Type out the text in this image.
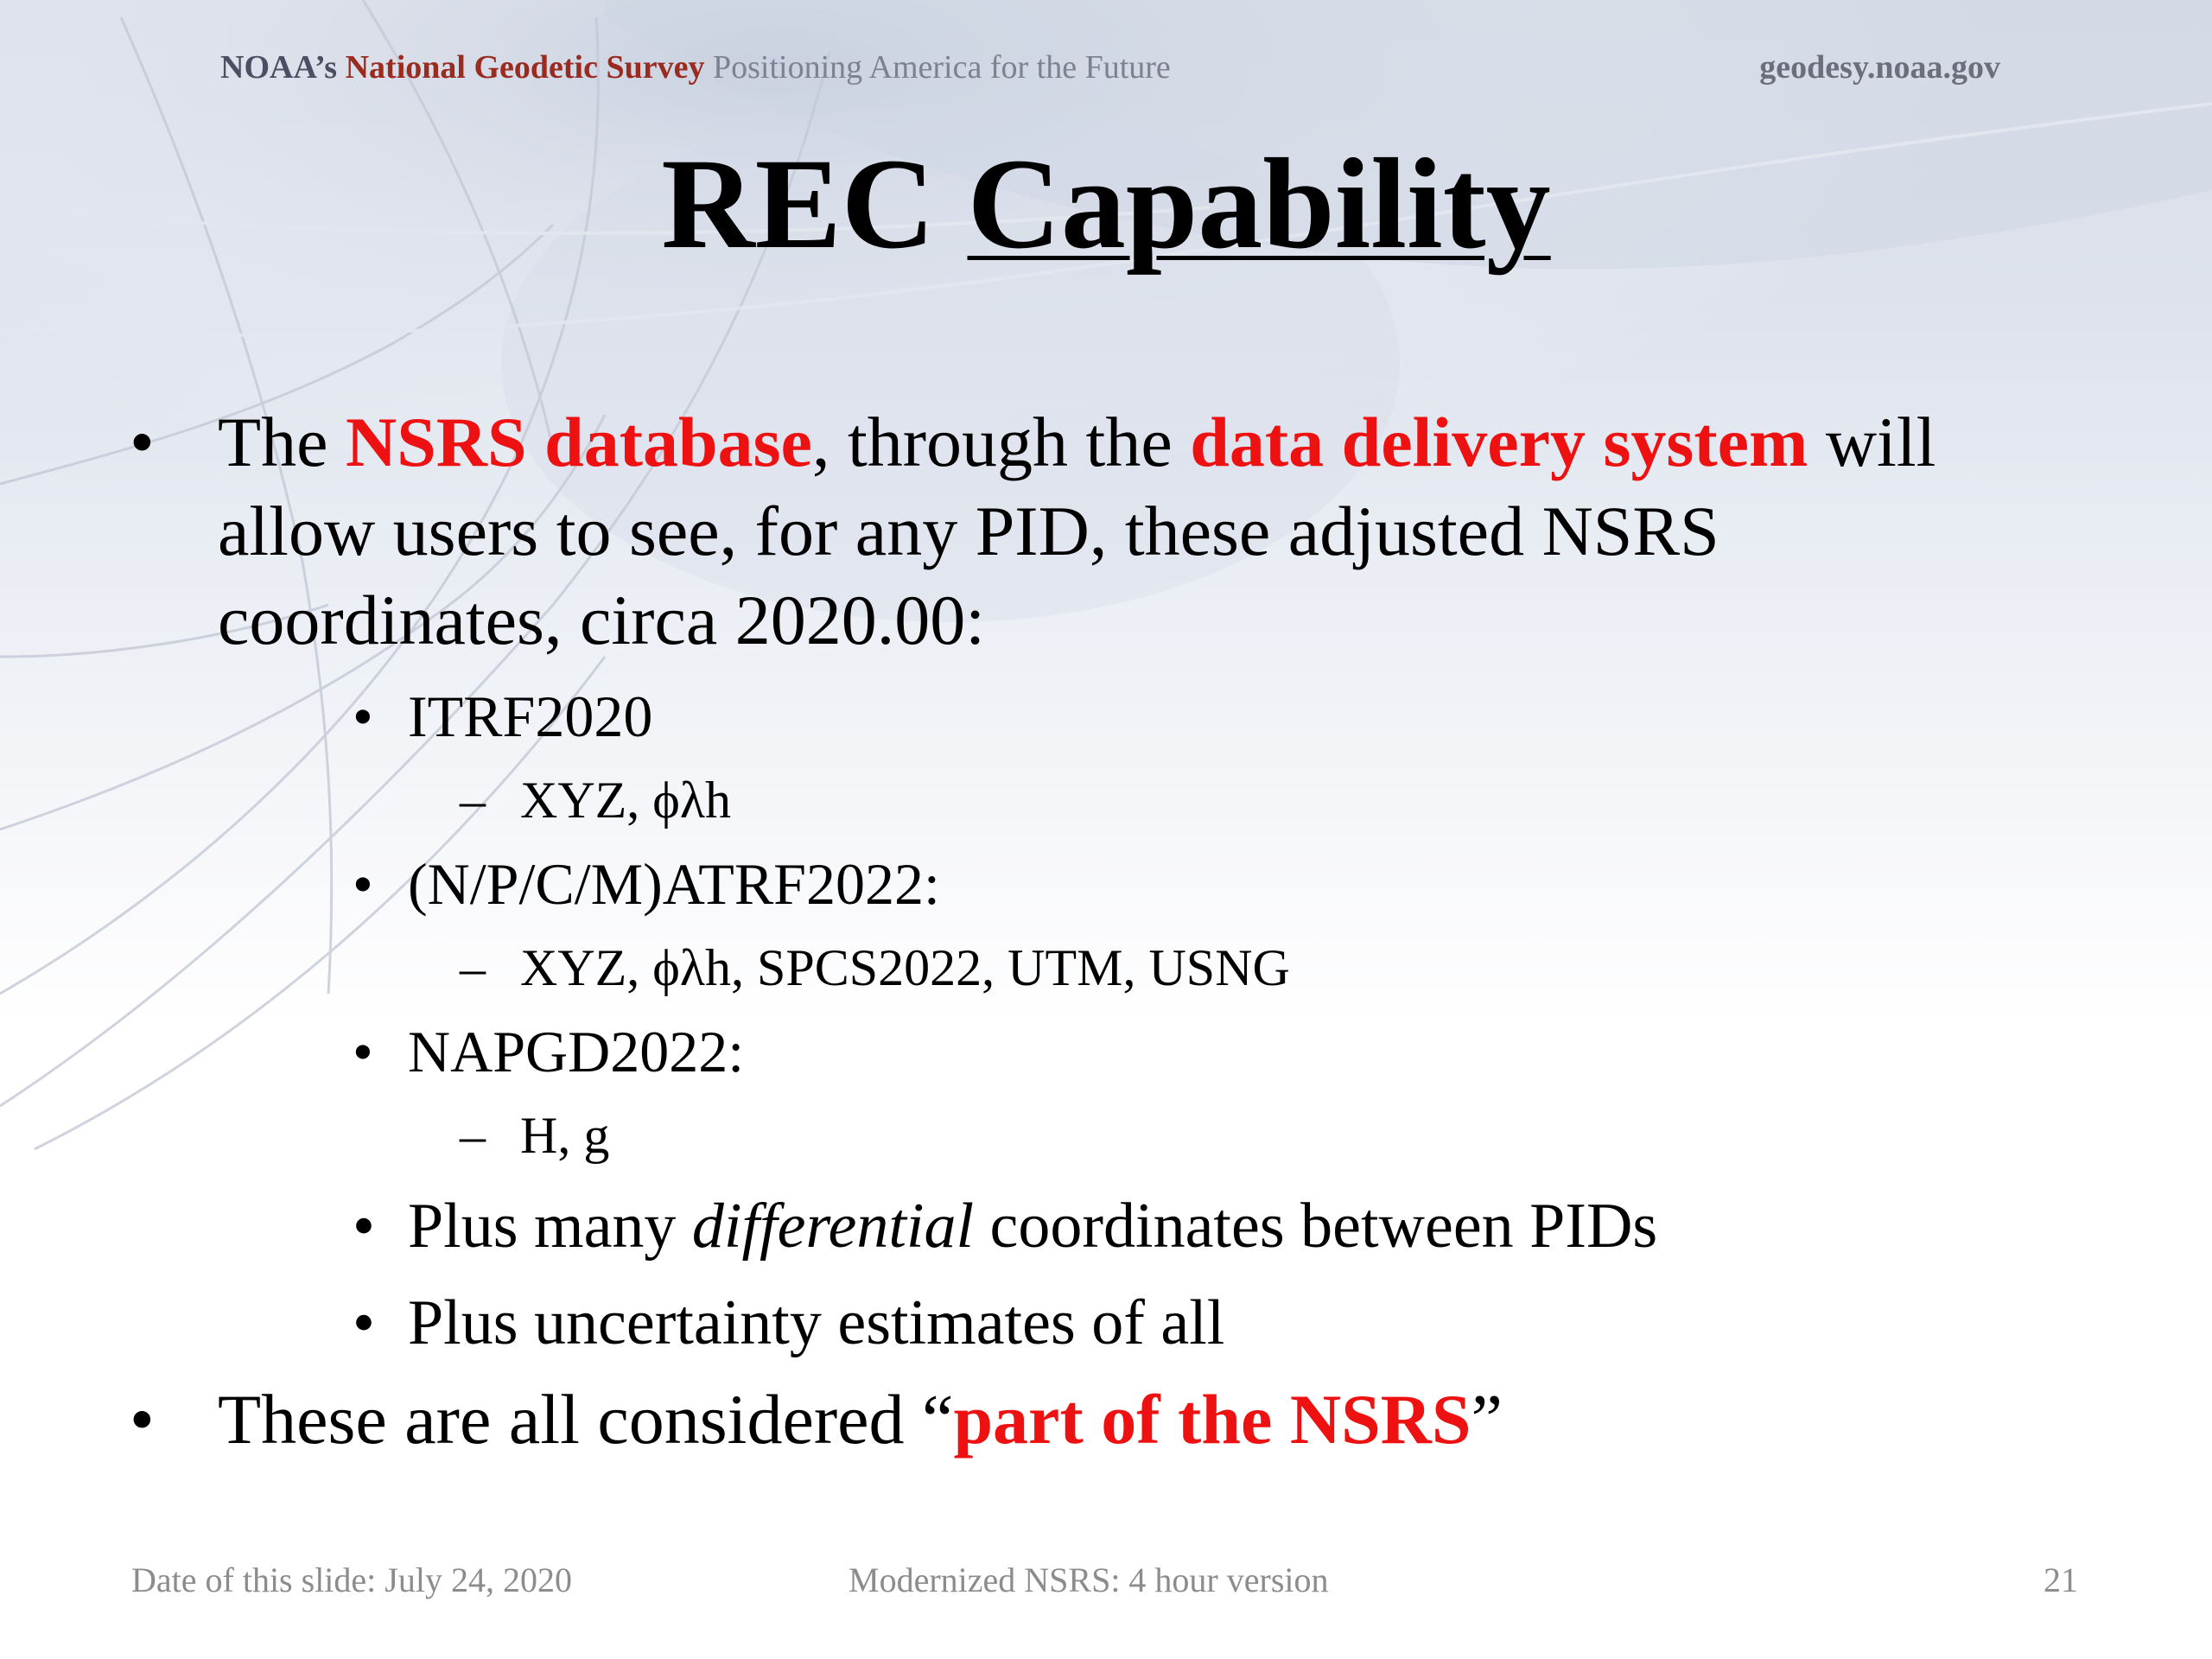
NOAA’s National Geodetic Survey Positioning America for the Future	geodesy.noaa.gov
REC Capability
• The NSRS database, through the data delivery system will allow users to see, for any PID, these adjusted NSRS coordinates, circa 2020.00:
• ITRF2020
– XYZ, ϕλh
• (N/P/C/M)ATRF2022:
– XYZ, ϕλh, SPCS2022, UTM, USNG
• NAPGD2022:
– H, g
• Plus many differential coordinates between PIDs
• Plus uncertainty estimates of all
• These are all considered “part of the NSRS”
Date of this slide: July 24, 2020	Modernized NSRS: 4 hour version	21
